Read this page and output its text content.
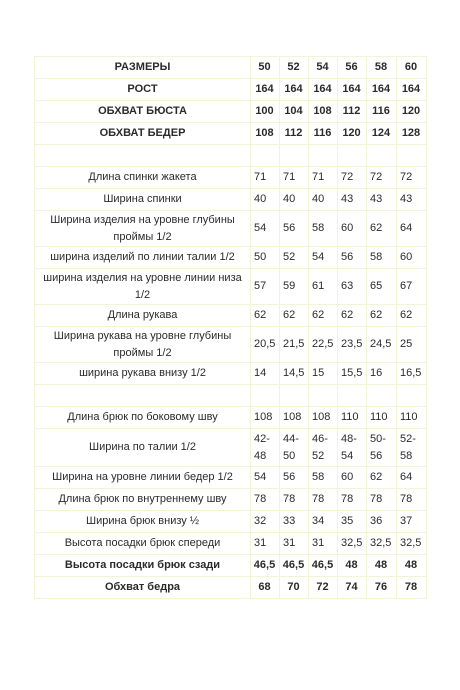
РАЗМЕРЫ	50	52	54	56	58	60
РОСТ	164	164	164	164	164	164
ОБХВАТ БЮСТА	100	104	108	112	116	120
ОБХВАТ БЕДЕР	108	112	116	120	124	128

Длина спинки жакета	71	71	71	72	72	72
Ширина спинки	40	40	40	43	43	43
Ширина изделия на уровне глубины проймы 1/2	54	56	58	60	62	64
ширина изделий по линии талии 1/2	50	52	54	56	58	60
ширина изделия на уровне линии низа 1/2	57	59	61	63	65	67
Длина рукава	62	62	62	62	62	62
Ширина рукава на уровне глубины проймы 1/2	20,5	21,5	22,5	23,5	24,5	25
ширина рукава внизу 1/2	14	14,5	15	15,5	16	16,5

Длина брюк по боковому шву	108	108	108	110	110	110
Ширина по талии 1/2	42-48	44-50	46-52	48-54	50-56	52-58
Ширина на уровне линии бедер 1/2	54	56	58	60	62	64
Длина брюк по внутреннему шву	78	78	78	78	78	78
Ширина брюк внизу ½	32	33	34	35	36	37
Высота посадки брюк спереди	31	31	31	32,5	32,5	32,5
Высота посадки брюк сзади	46,5	46,5	46,5	48	48	48
Обхват бедра	68	70	72	74	76	78
